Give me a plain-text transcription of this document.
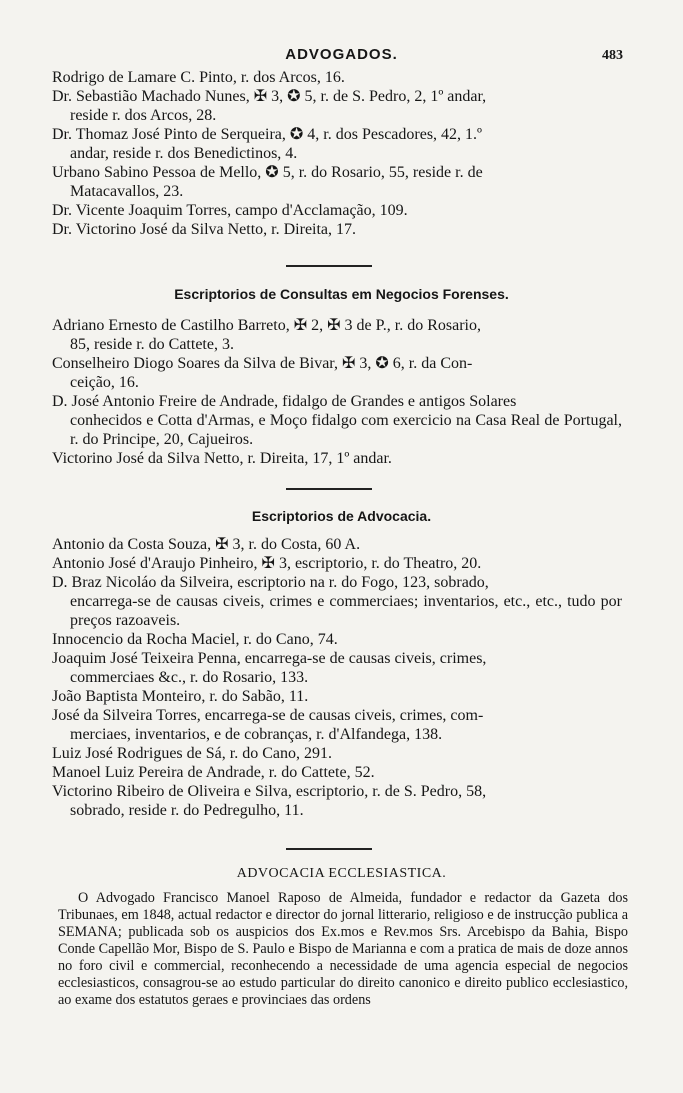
ADVOGADOS.	483
Rodrigo de Lamare C. Pinto, r. dos Arcos, 16.
Dr. Sebastião Machado Nunes, ✠ 3, ✪ 5, r. de S. Pedro, 2, 1º andar,
reside r. dos Arcos, 28.
Dr. Thomaz José Pinto de Serqueira, ✪ 4, r. dos Pescadores, 42, 1.º
andar, reside r. dos Benedictinos, 4.
Urbano Sabino Pessoa de Mello, ✪ 5, r. do Rosario, 55, reside r. de
Matacavallos, 23.
Dr. Vicente Joaquim Torres, campo d'Acclamação, 109.
Dr. Victorino José da Silva Netto, r. Direita, 17.
Escriptorios de Consultas em Negocios Forenses.
Adriano Ernesto de Castilho Barreto, ✠ 2, ✠ 3 de P., r. do Rosario,
85, reside r. do Cattete, 3.
Conselheiro Diogo Soares da Silva de Bivar, ✠ 3, ✪ 6, r. da Con-
ceição, 16.
D. José Antonio Freire de Andrade, fidalgo de Grandes e antigos Solares
conhecidos e Cotta d'Armas, e Moço fidalgo com exercicio na Casa Real de Portugal, r. do Principe, 20, Cajueiros.
Victorino José da Silva Netto, r. Direita, 17, 1º andar.
Escriptorios de Advocacia.
Antonio da Costa Souza, ✠ 3, r. do Costa, 60 A.
Antonio José d'Araujo Pinheiro, ✠ 3, escriptorio, r. do Theatro, 20.
D. Braz Nicoláo da Silveira, escriptorio na r. do Fogo, 123, sobrado,
encarrega-se de causas civeis, crimes e commerciaes; inventarios, etc., etc., tudo por preços razoaveis.
Innocencio da Rocha Maciel, r. do Cano, 74.
Joaquim José Teixeira Penna, encarrega-se de causas civeis, crimes,
commerciaes &c., r. do Rosario, 133.
João Baptista Monteiro, r. do Sabão, 11.
José da Silveira Torres, encarrega-se de causas civeis, crimes, com-
merciaes, inventarios, e de cobranças, r. d'Alfandega, 138.
Luiz José Rodrigues de Sá, r. do Cano, 291.
Manoel Luiz Pereira de Andrade, r. do Cattete, 52.
Victorino Ribeiro de Oliveira e Silva, escriptorio, r. de S. Pedro, 58,
sobrado, reside r. do Pedregulho, 11.
ADVOCACIA ECCLESIASTICA.
O Advogado Francisco Manoel Raposo de Almeida, fundador e redactor da Gazeta dos Tribunaes, em 1848, actual redactor e director do jornal litterario, religioso e de instrucção publica a SEMANA; publicada sob os auspicios dos Ex.mos e Rev.mos Srs. Arcebispo da Bahia, Bispo Conde Capellão Mor, Bispo de S. Paulo e Bispo de Marianna e com a pratica de mais de doze annos no foro civil e commercial, reconhecendo a necessidade de uma agencia especial de negocios ecclesiasticos, consagrou-se ao estudo particular do direito canonico e direito publico ecclesiastico, ao exame dos estatutos geraes e provinciaes das ordens
